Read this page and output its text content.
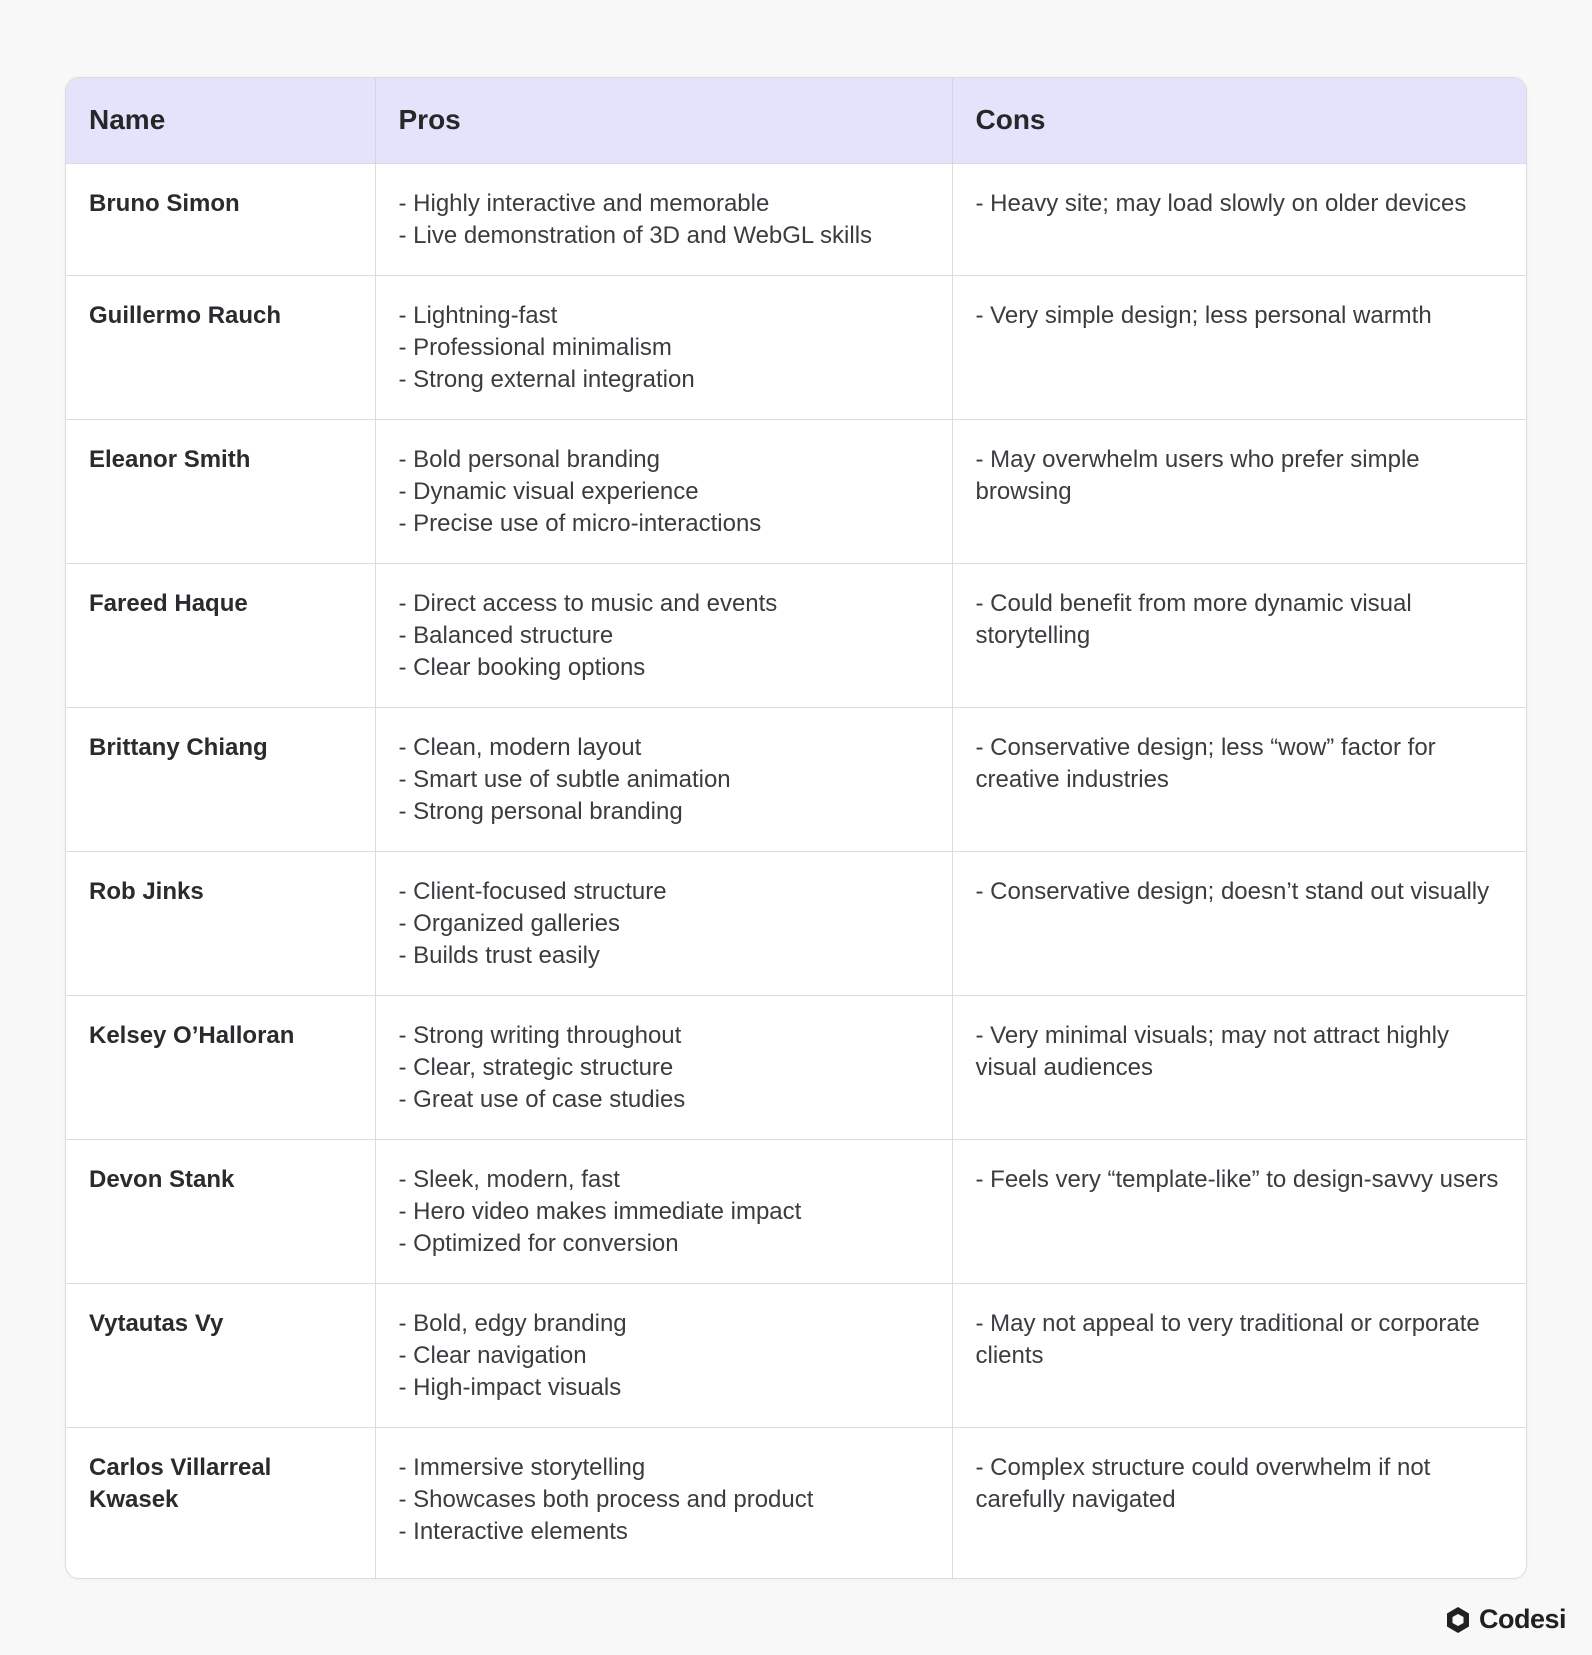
Name	Pros	Cons
Bruno Simon	- Highly interactive and memorable
- Live demonstration of 3D and WebGL skills	- Heavy site; may load slowly on older devices
Guillermo Rauch	- Lightning-fast
- Professional minimalism
- Strong external integration	- Very simple design; less personal warmth
Eleanor Smith	- Bold personal branding
- Dynamic visual experience
- Precise use of micro-interactions	- May overwhelm users who prefer simple browsing
Fareed Haque	- Direct access to music and events
- Balanced structure
- Clear booking options	- Could benefit from more dynamic visual storytelling
Brittany Chiang	- Clean, modern layout
- Smart use of subtle animation
- Strong personal branding	- Conservative design; less “wow” factor for creative industries
Rob Jinks	- Client-focused structure
- Organized galleries
- Builds trust easily	- Conservative design; doesn’t stand out visually
Kelsey O’Halloran	- Strong writing throughout
- Clear, strategic structure
- Great use of case studies	- Very minimal visuals; may not attract highly visual audiences
Devon Stank	- Sleek, modern, fast
- Hero video makes immediate impact
- Optimized for conversion	- Feels very “template-like” to design-savvy users
Vytautas Vy	- Bold, edgy branding
- Clear navigation
- High-impact visuals	- May not appeal to very traditional or corporate clients
Carlos Villarreal Kwasek	- Immersive storytelling
- Showcases both process and product
- Interactive elements	- Complex structure could overwhelm if not carefully navigated
Codesi
